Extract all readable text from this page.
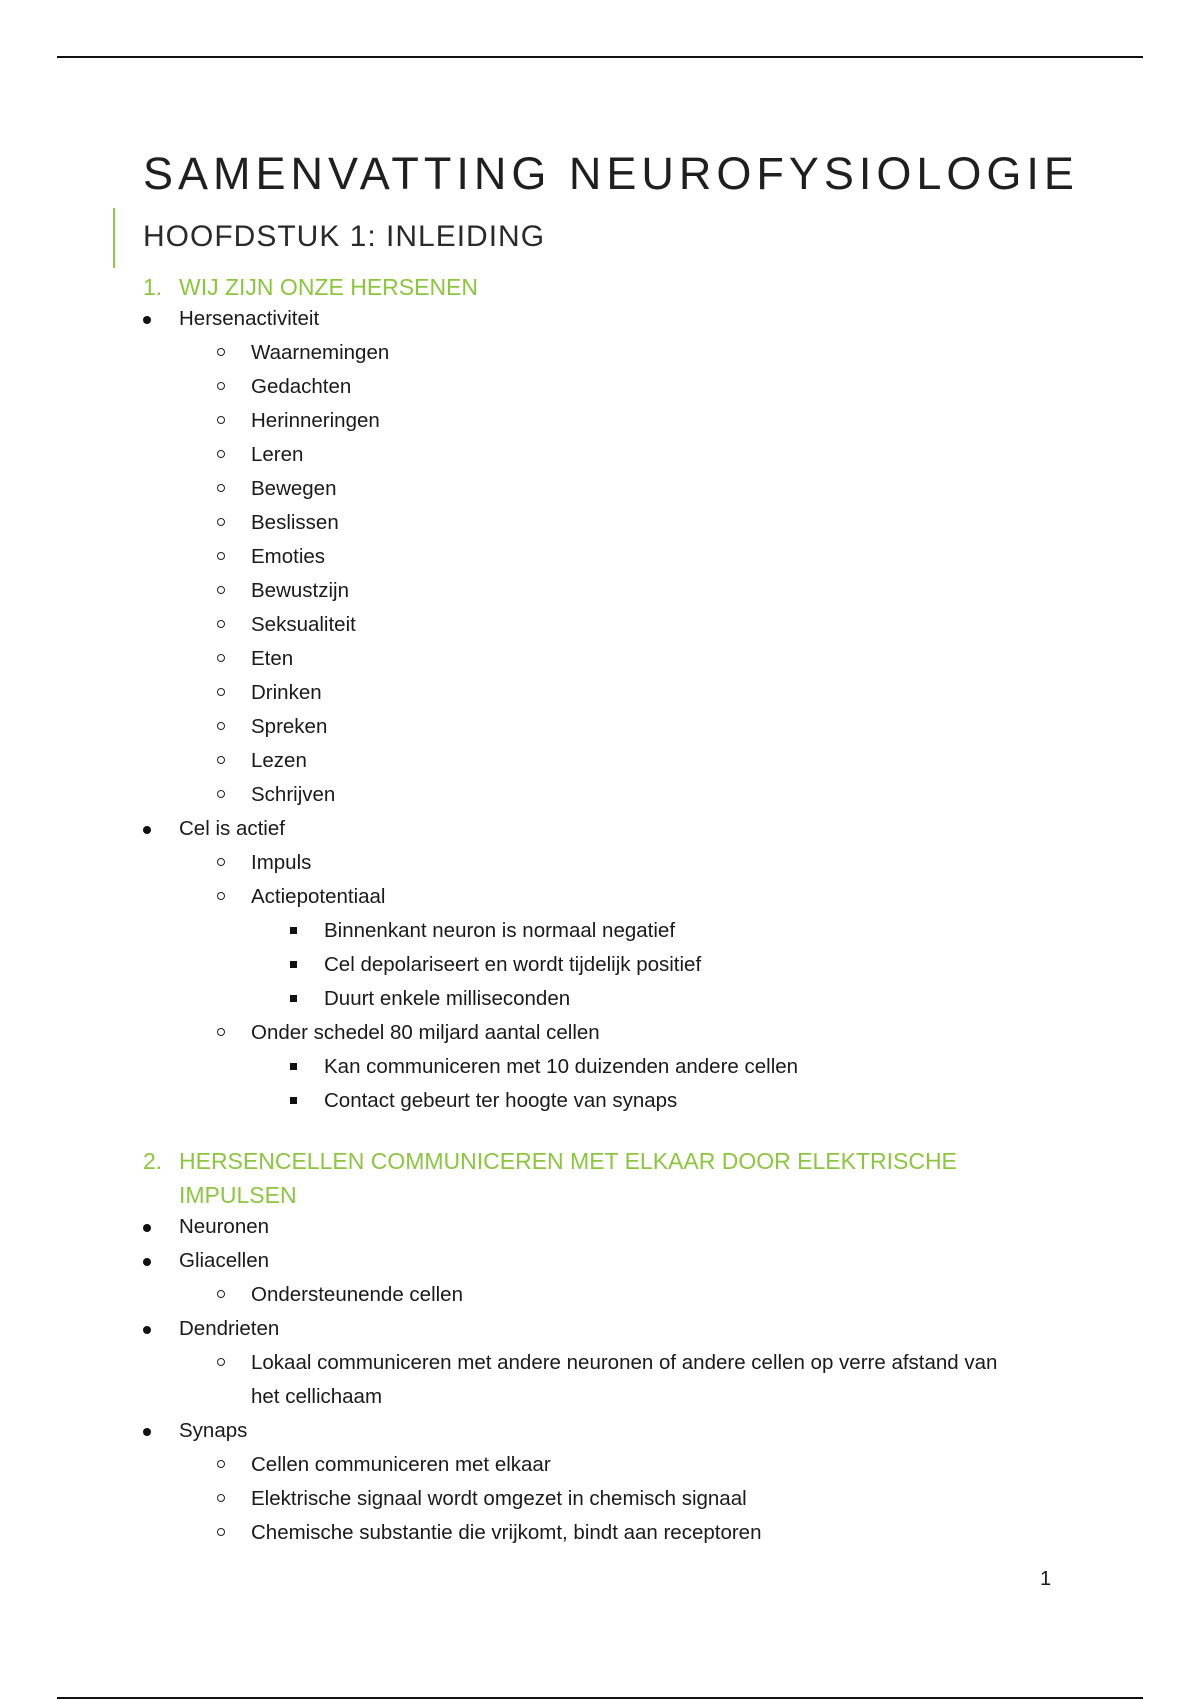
SAMENVATTING NEUROFYSIOLOGIE
HOOFDSTUK 1: INLEIDING
1. WIJ ZIJN ONZE HERSENEN
Hersenactiviteit
Waarnemingen
Gedachten
Herinneringen
Leren
Bewegen
Beslissen
Emoties
Bewustzijn
Seksualiteit
Eten
Drinken
Spreken
Lezen
Schrijven
Cel is actief
Impuls
Actiepotentiaal
Binnenkant neuron is normaal negatief
Cel depolariseert en wordt tijdelijk positief
Duurt enkele milliseconden
Onder schedel 80 miljard aantal cellen
Kan communiceren met 10 duizenden andere cellen
Contact gebeurt ter hoogte van synaps
2. HERSENCELLEN COMMUNICEREN MET ELKAAR DOOR ELEKTRISCHE IMPULSEN
Neuronen
Gliacellen
Ondersteunende cellen
Dendrieten
Lokaal communiceren met andere neuronen of andere cellen op verre afstand van het cellichaam
Synaps
Cellen communiceren met elkaar
Elektrische signaal wordt omgezet in chemisch signaal
Chemische substantie die vrijkomt, bindt aan receptoren

1
